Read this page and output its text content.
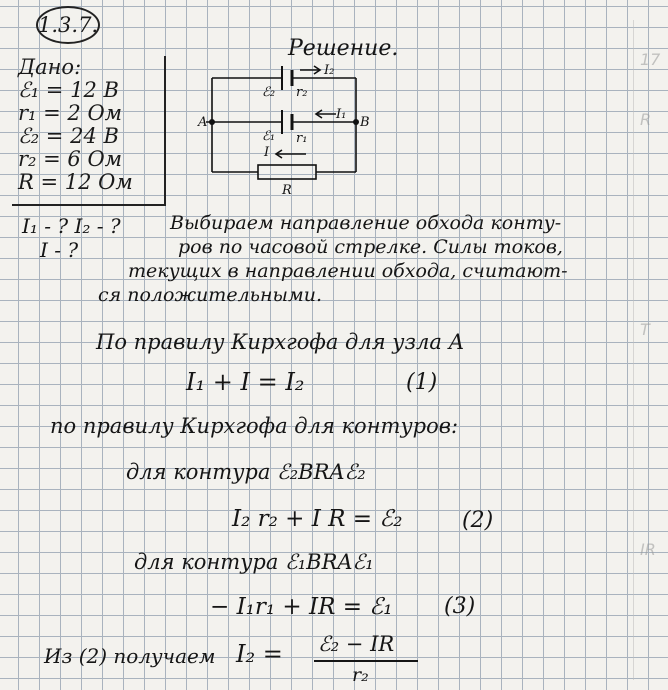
17
R
T
IR
1.3.7.
Дано:
ℰ₁ = 12 В
r₁ = 2 Ом
ℰ₂ = 24 В
r₂ = 6 Ом
R = 12 Ом
Решение.
A	B
ℰ₂ r₂
I₂
ℰ₁ r₁
I₁
I
R
I₁ - ? I₂ - ?
I - ?
Выбираем направление обхода конту-
ров по часовой стрелке. Силы токов,
текущих в направлении обхода, считают-
ся положительными.
По правилу Кирхгофа для узла А
I₁ + I = I₂	(1)
по правилу Кирхгофа для контуров:
для контура ℰ₂BRAℰ₂
I₂ r₂ + I R = ℰ₂	(2)
для контура ℰ₁BRAℰ₁
− I₁r₁ + IR = ℰ₁ (3)
Из (2) получаем I₂ = ℰ₂ − IR
r₂
